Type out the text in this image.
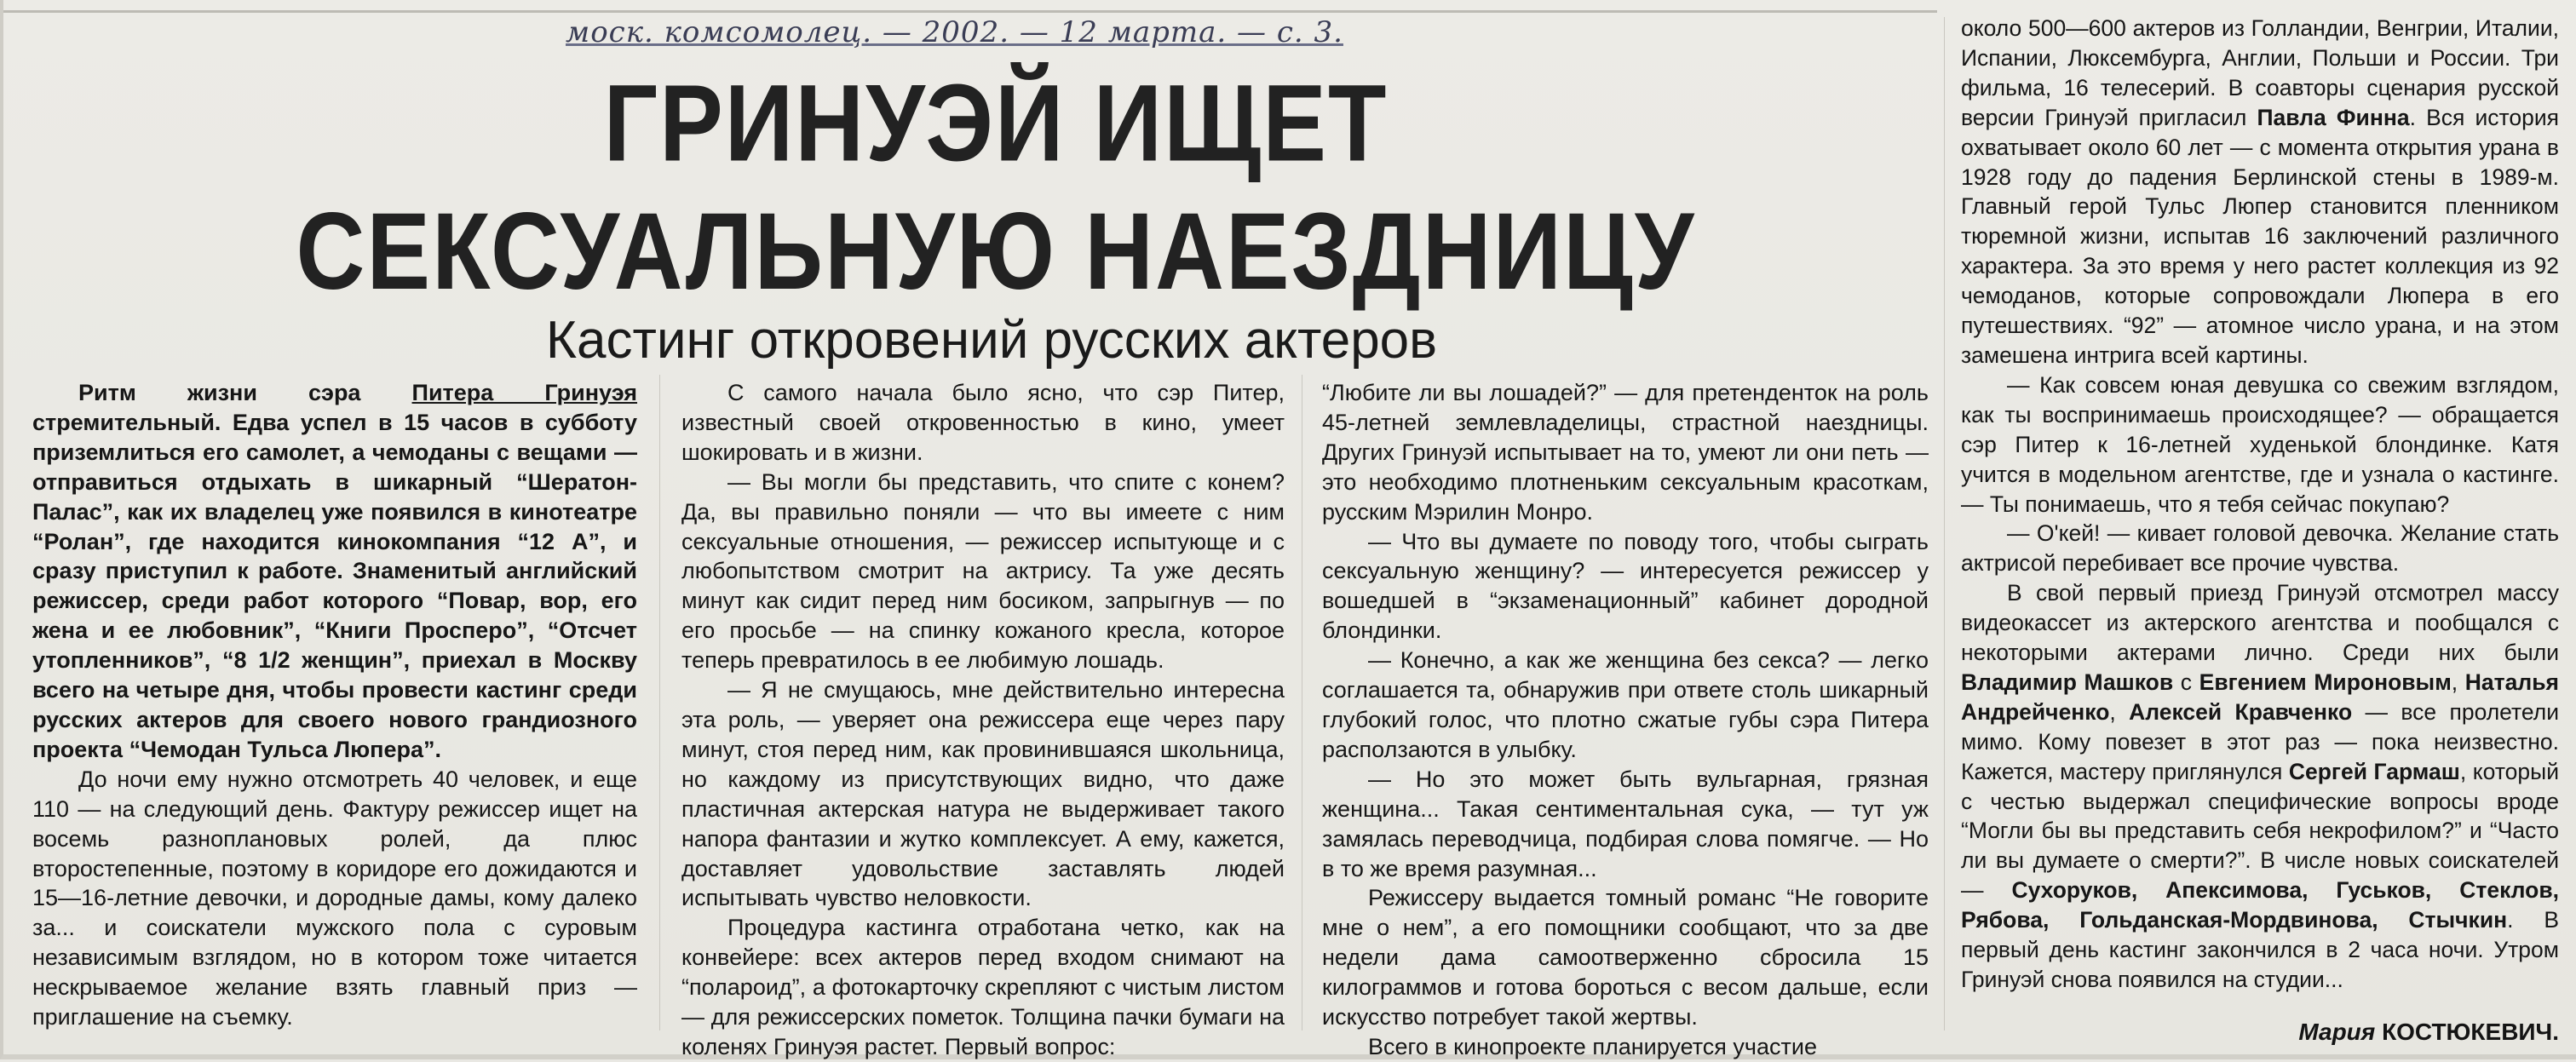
моск. комсомолец. — 2002. — 12 марта. — с. 3.
ГРИНУЭЙ ИЩЕТ
СЕКСУАЛЬНУЮ НАЕЗДНИЦУ
Кастинг откровений русских актеров

Ритм жизни сэра Питера Гринуэя стремительный. Едва успел в 15 часов в субботу приземлиться его самолет, а чемоданы с вещами — отправиться отдыхать в шикарный “Шератон-Палас”, как их владелец уже появился в кинотеатре “Ролан”, где находится кинокомпания “12 А”, и сразу приступил к работе. Знаменитый английский режиссер, среди работ которого “Повар, вор, его жена и ее любовник”, “Книги Просперо”, “Отсчет утопленников”, “8 1/2 женщин”, приехал в Москву всего на четыре дня, чтобы провести кастинг среди русских актеров для своего нового грандиозного проекта “Чемодан Тульса Люпера”.

До ночи ему нужно отсмотреть 40 человек, и еще 110 — на следующий день. Фактуру режиссер ищет на восемь разноплановых ролей, да плюс второстепенные, поэтому в коридоре его дожидаются и 15—16-летние девочки, и дородные дамы, кому далеко за... и соискатели мужского пола с суровым независимым взглядом, но в котором тоже читается нескрываемое желание взять главный приз — приглашение на съемку.

С самого начала было ясно, что сэр Питер, известный своей откровенностью в кино, умеет шокировать и в жизни.

— Вы могли бы представить, что спите с конем? Да, вы правильно поняли — что вы имеете с ним сексуальные отношения, — режиссер испытующе и с любопытством смотрит на актрису. Та уже десять минут как сидит перед ним босиком, запрыгнув — по его просьбе — на спинку кожаного кресла, которое теперь превратилось в ее любимую лошадь.

— Я не смущаюсь, мне действительно интересна эта роль, — уверяет она режиссера еще через пару минут, стоя перед ним, как провинившаяся школьница, но каждому из присутствующих видно, что даже пластичная актерская натура не выдерживает такого напора фантазии и жутко комплексует. А ему, кажется, доставляет удовольствие заставлять людей испытывать чувство неловкости.

Процедура кастинга отработана четко, как на конвейере: всех актеров перед входом снимают на “полароид”, а фотокарточку скрепляют с чистым листом — для режиссерских пометок. Толщина пачки бумаги на коленях Гринуэя растет. Первый вопрос:

“Любите ли вы лошадей?” — для претенденток на роль 45-летней землевладелицы, страстной наездницы. Других Гринуэй испытывает на то, умеют ли они петь — это необходимо плотненьким сексуальным красоткам, русским Мэрилин Монро.

— Что вы думаете по поводу того, чтобы сыграть сексуальную женщину? — интересуется режиссер у вошедшей в “экзаменационный” кабинет дородной блондинки.

— Конечно, а как же женщина без секса? — легко соглашается та, обнаружив при ответе столь шикарный глубокий голос, что плотно сжатые губы сэра Питера расползаются в улыбку.

— Но это может быть вульгарная, грязная женщина... Такая сентиментальная сука, — тут уж замялась переводчица, подбирая слова помягче. — Но в то же время разумная...

Режиссеру выдается томный романс “Не говорите мне о нем”, а его помощники сообщают, что за две недели дама самоотверженно сбросила 15 килограммов и готова бороться с весом дальше, если искусство потребует такой жертвы.

Всего в кинопроекте планируется участие

около 500—600 актеров из Голландии, Венгрии, Италии, Испании, Люксембурга, Англии, Польши и России. Три фильма, 16 телесерий. В соавторы сценария русской версии Гринуэй пригласил Павла Финна. Вся история охватывает около 60 лет — с момента открытия урана в 1928 году до падения Берлинской стены в 1989-м. Главный герой Тульс Люпер становится пленником тюремной жизни, испытав 16 заключений различного характера. За это время у него растет коллекция из 92 чемоданов, которые сопровождали Люпера в его путешествиях. “92” — атомное число урана, и на этом замешена интрига всей картины.

— Как совсем юная девушка со свежим взглядом, как ты воспринимаешь происходящее? — обращается сэр Питер к 16-летней худенькой блондинке. Катя учится в модельном агентстве, где и узнала о кастинге. — Ты понимаешь, что я тебя сейчас покупаю?

— О'кей! — кивает головой девочка. Желание стать актрисой перебивает все прочие чувства.

В свой первый приезд Гринуэй отсмотрел массу видеокассет из актерского агентства и пообщался с некоторыми актерами лично. Среди них были Владимир Машков с Евгением Мироновым, Наталья Андрейченко, Алексей Кравченко — все пролетели мимо. Кому повезет в этот раз — пока неизвестно. Кажется, мастеру приглянулся Сергей Гармаш, который с честью выдержал специфические вопросы вроде “Могли бы вы представить себя некрофилом?” и “Часто ли вы думаете о смерти?”. В числе новых соискателей — Сухоруков, Апексимова, Гуськов, Стеклов, Рябова, Гольданская-Мордвинова, Стычкин. В первый день кастинг закончился в 2 часа ночи. Утром Гринуэй снова появился на студии...

Мария КОСТЮКЕВИЧ.
